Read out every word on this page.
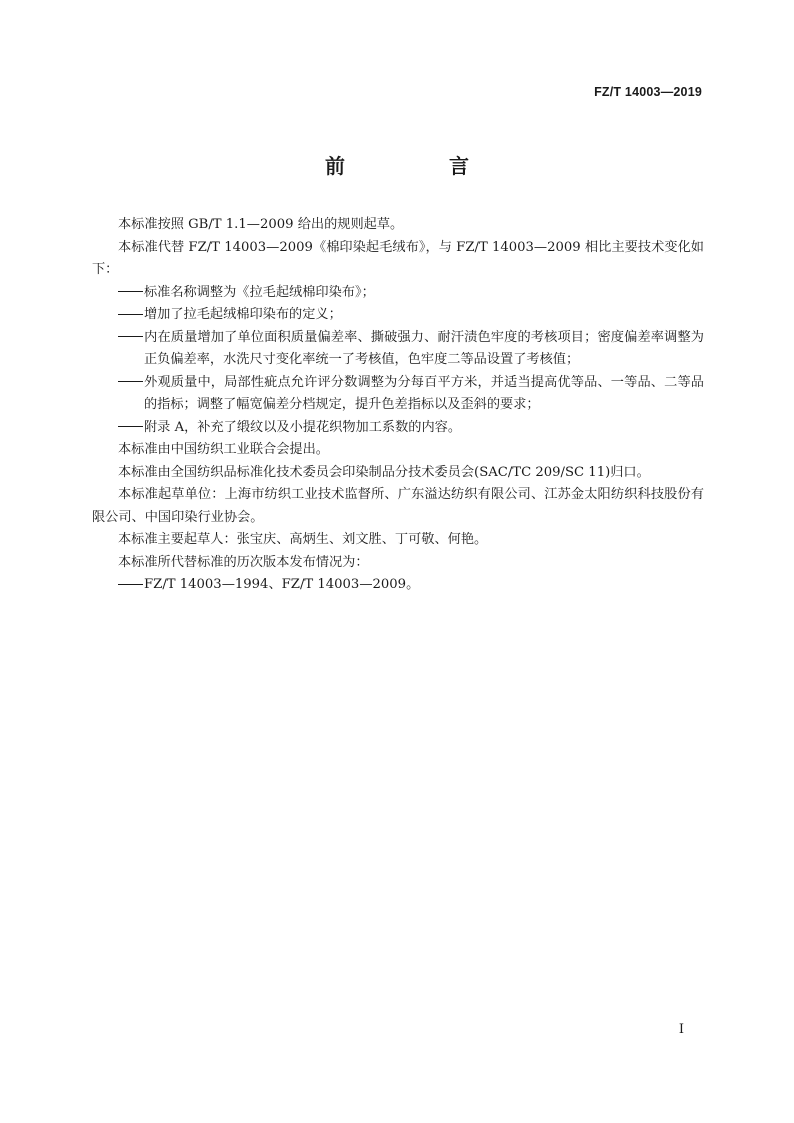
FZ/T 14003—2019
前　言

本标准按照 GB/T 1.1—2009 给出的规则起草。

本标准代替 FZ/T 14003—2009《棉印染起毛绒布》，与 FZ/T 14003—2009 相比主要技术变化如下：

标准名称调整为《拉毛起绒棉印染布》；

增加了拉毛起绒棉印染布的定义；

内在质量增加了单位面积质量偏差率、撕破强力、耐汗渍色牢度的考核项目；密度偏差率调整为正负偏差率，水洗尺寸变化率统一了考核值，色牢度二等品设置了考核值；

外观质量中，局部性疵点允许评分数调整为分每百平方米，并适当提高优等品、一等品、二等品的指标；调整了幅宽偏差分档规定，提升色差指标以及歪斜的要求；

附录 A，补充了缎纹以及小提花织物加工系数的内容。

本标准由中国纺织工业联合会提出。

本标准由全国纺织品标准化技术委员会印染制品分技术委员会(SAC/TC 209/SC 11)归口。

本标准起草单位：上海市纺织工业技术监督所、广东溢达纺织有限公司、江苏金太阳纺织科技股份有限公司、中国印染行业协会。

本标准主要起草人：张宝庆、高炳生、刘文胜、丁可敬、何艳。

本标准所代替标准的历次版本发布情况为：

FZ/T 14003—1994、FZ/T 14003—2009。

I
